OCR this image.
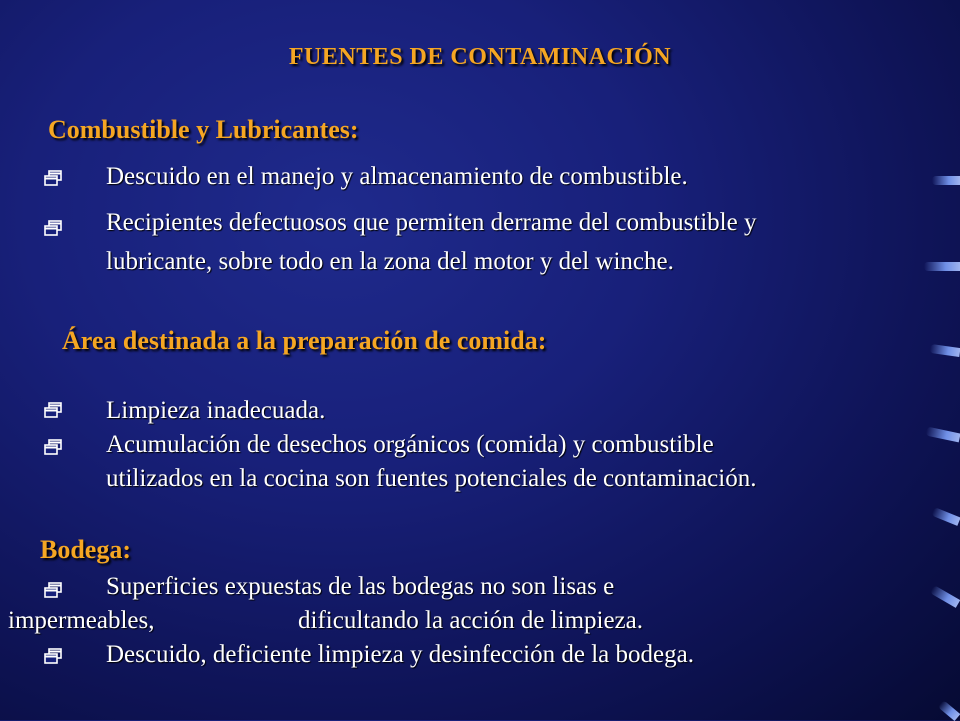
FUENTES DE CONTAMINACIÓN
Combustible y Lubricantes:
Descuido en el manejo y almacenamiento de combustible.
Recipientes defectuosos que permiten derrame del combustible y
lubricante, sobre todo en la zona del motor y del winche.
Área destinada a la preparación de comida:
Limpieza inadecuada.
Acumulación de desechos orgánicos (comida) y combustible
utilizados en la cocina son fuentes potenciales de contaminación.
Bodega:
Superficies expuestas de las bodegas no son lisas e
impermeables,	dificultando la acción de limpieza.
Descuido, deficiente limpieza y desinfección de la bodega.
